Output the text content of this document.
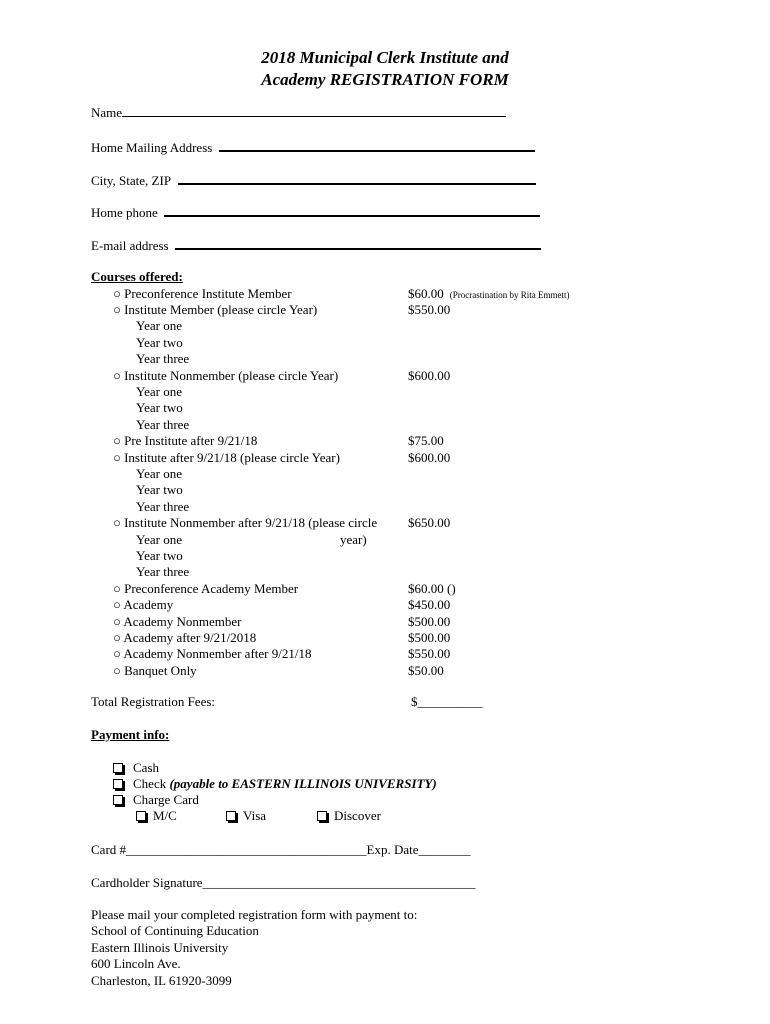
2018 Municipal Clerk Institute and
Academy REGISTRATION FORM
Name
Home Mailing Address
City, State, ZIP
Home phone
E-mail address
Courses offered:
○ Preconference Institute Member	$60.00 (Procrastination by Rita Emmett)
○ Institute Member (please circle Year)	$550.00
Year one
Year two
Year three
○ Institute Nonmember (please circle Year)	$600.00
Year one
Year two
Year three
○ Pre Institute after 9/21/18	$75.00
○ Institute after 9/21/18 (please circle Year)	$600.00
Year one
Year two
Year three
○ Institute Nonmember after 9/21/18 (please circle $650.00
Year one	year)
Year two
Year three
○ Preconference Academy Member	$60.00 ()
○ Academy	$450.00
○ Academy Nonmember	$500.00
○ Academy after 9/21/2018	$500.00
○ Academy Nonmember after 9/21/18	$550.00
○ Banquet Only	$50.00
Total Registration Fees:	$__________
Payment info:
Cash
Check (payable to EASTERN ILLINOIS UNIVERSITY)
Charge Card
M/C	Visa	Discover
Card #_____________________________________Exp. Date________
Cardholder Signature__________________________________________
Please mail your completed registration form with payment to:
School of Continuing Education
Eastern Illinois University
600 Lincoln Ave.
Charleston, IL 61920-3099
